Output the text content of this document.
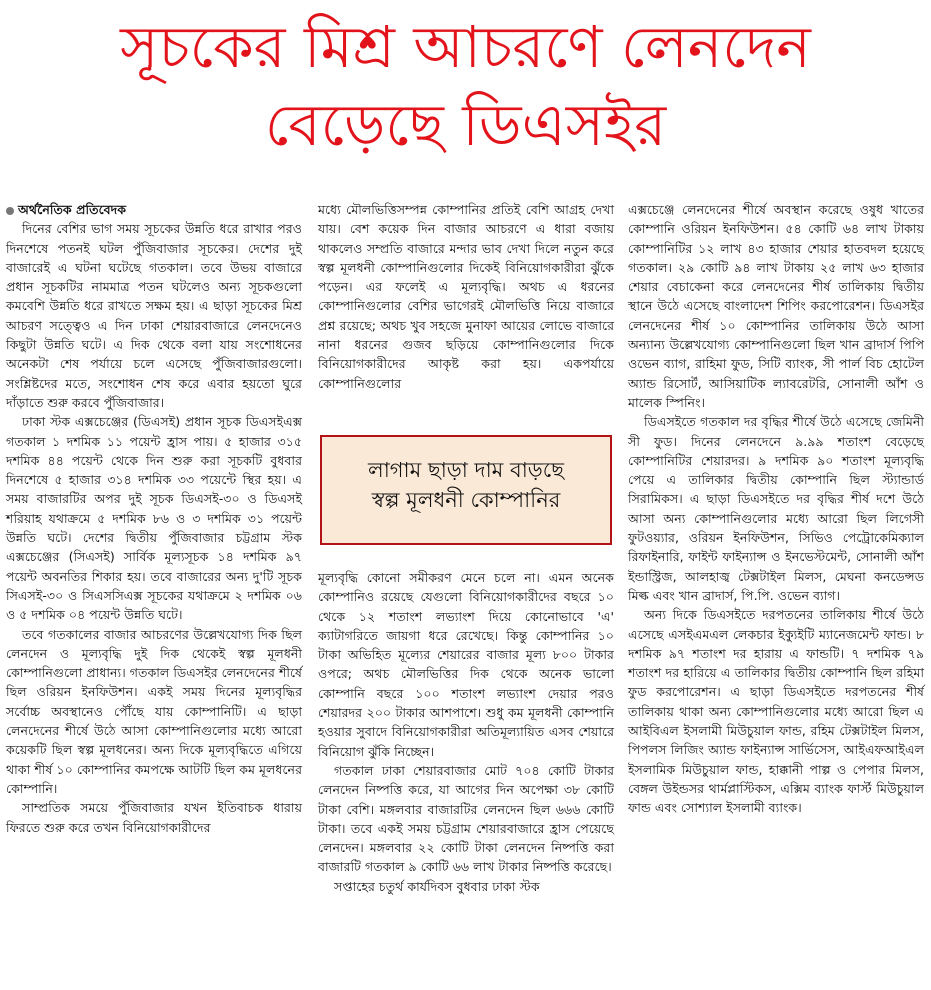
সূচকের মিশ্র আচরণে লেনদেন
বেড়েছে ডিএসইর

অর্থনৈতিক প্রতিবেদক

দিনের বেশির ভাগ সময় সূচকের উন্নতি ধরে রাখার পরও দিনশেষে পতনই ঘটল পুঁজিবাজার সূচকের। দেশের দুই বাজারেই এ ঘটনা ঘটেছে গতকাল। তবে উভয় বাজারে প্রধান সূচকটির নামমাত্র পতন ঘটলেও অন্য সূচকগুলো কমবেশি উন্নতি ধরে রাখতে সক্ষম হয়। এ ছাড়া সূচকের মিশ্র আচরণ সত্ত্বেও এ দিন ঢাকা শেয়ারবাজারে লেনদেনেও কিছুটা উন্নতি ঘটে। এ দিক থেকে বলা যায় সংশোধনের অনেকটা শেষ পর্যায়ে চলে এসেছে পুঁজিবাজারগুলো। সংশ্লিষ্টদের মতে, সংশোধন শেষ করে এবার হয়তো ঘুরে দাঁড়াতে শুরু করবে পুঁজিবাজার।

ঢাকা স্টক এক্সচেঞ্জের (ডিএসই) প্রধান সূচক ডিএসইএক্স গতকাল ১ দশমিক ১১ পয়েন্ট হ্রাস পায়। ৫ হাজার ৩১৫ দশমিক ৪৪ পয়েন্ট থেকে দিন শুরু করা সূচকটি বুধবার দিনশেষে ৫ হাজার ৩১৪ দশমিক ৩৩ পয়েন্টে স্থির হয়। এ সময় বাজারটির অপর দুই সূচক ডিএসই-৩০ ও ডিএসই শরিয়াহ যথাক্রমে ৫ দশমিক ৮৬ ও ৩ দশমিক ৩১ পয়েন্ট উন্নতি ঘটে। দেশের দ্বিতীয় পুঁজিবাজার চট্টগ্রাম স্টক এক্সচেঞ্জের (সিএসই) সার্বিক মূল্যসূচক ১৪ দশমিক ৯৭ পয়েন্ট অবনতির শিকার হয়। তবে বাজারের অন্য দু'টি সূচক সিএসই-৩০ ও সিএসসিএক্স সূচকের যথাক্রমে ২ দশমিক ০৬ ও ৫ দশমিক ০৪ পয়েন্ট উন্নতি ঘটে।

তবে গতকালের বাজার আচরণের উল্লেখযোগ্য দিক ছিল লেনদেন ও মূল্যবৃদ্ধি দুই দিক থেকেই স্বল্প মূলধনী কোম্পানিগুলো প্রাধান্য। গতকাল ডিএসইর লেনদেনের শীর্ষে ছিল ওরিয়ন ইনফিউশন। একই সময় দিনের মূল্যবৃদ্ধির সর্বোচ্চ অবস্থানেও পৌঁছে যায় কোম্পানিটি। এ ছাড়া লেনদেনের শীর্ষে উঠে আসা কোম্পানিগুলোর মধ্যে আরো কয়েকটি ছিল স্বল্প মূলধনের। অন্য দিকে মূল্যবৃদ্ধিতে এগিয়ে থাকা শীর্ষ ১০ কোম্পানির কমপক্ষে আটটি ছিল কম মূলধনের কোম্পানি।

সাম্প্রতিক সময়ে পুঁজিবাজার যখন ইতিবাচক ধারায় ফিরতে শুরু করে তখন বিনিয়োগকারীদের

মধ্যে মৌলভিত্তিসম্পন্ন কোম্পানির প্রতিই বেশি আগ্রহ দেখা যায়। বেশ কয়েক দিন বাজার আচরণে এ ধারা বজায় থাকলেও সম্প্রতি বাজারে মন্দার ভাব দেখা দিলে নতুন করে স্বল্প মূলধনী কোম্পানিগুলোর দিকেই বিনিয়োগকারীরা ঝুঁকে পড়েন। এর ফলেই এ মূল্যবৃদ্ধি। অথচ এ ধরনের কোম্পানিগুলোর বেশির ভাগেরই মৌলভিত্তি নিয়ে বাজারে প্রশ্ন রয়েছে; অথচ খুব সহজে মুনাফা আয়ের লোভে বাজারে নানা ধরনের গুজব ছড়িয়ে কোম্পানিগুলোর দিকে বিনিয়োগকারীদের আকৃষ্ট করা হয়। একপর্যায়ে কোম্পানিগুলোর

লাগাম ছাড়া দাম বাড়ছে
স্বল্প মূলধনী কোম্পানির

মূল্যবৃদ্ধি কোনো সমীকরণ মেনে চলে না। এমন অনেক কোম্পানিও রয়েছে যেগুলো বিনিয়োগকারীদের বছরে ১০ থেকে ১২ শতাংশ লভ্যাংশ দিয়ে কোনোভাবে 'এ' ক্যাটাগরিতে জায়গা ধরে রেখেছে। কিন্তু কোম্পানির ১০ টাকা অভিহিত মূল্যের শেয়ারের বাজার মূল্য ৮০০ টাকার ওপরে; অথচ মৌলভিত্তির দিক থেকে অনেক ভালো কোম্পানি বছরে ১০০ শতাংশ লভ্যাংশ দেয়ার পরও শেয়ারদর ২০০ টাকার আশপাশে। শুধু কম মূলধনী কোম্পানি হওয়ার সুবাদে বিনিয়োগকারীরা অতিমূল্যায়িত এসব শেয়ারে বিনিয়োগ ঝুঁকি নিচ্ছেন।

গতকাল ঢাকা শেয়ারবাজার মোট ৭০৪ কোটি টাকার লেনদেন নিষ্পত্তি করে, যা আগের দিন অপেক্ষা ৩৮ কোটি টাকা বেশি। মঙ্গলবার বাজারটির লেনদেন ছিল ৬৬৬ কোটি টাকা। তবে একই সময় চট্টগ্রাম শেয়ারবাজারে হ্রাস পেয়েছে লেনদেন। মঙ্গলবার ২২ কোটি টাকা লেনদেন নিষ্পত্তি করা বাজারটি গতকাল ৯ কোটি ৬৬ লাখ টাকার নিষ্পত্তি করেছে।

সপ্তাহের চতুর্থ কার্যদিবস বুধবার ঢাকা স্টক

এক্সচেঞ্জে লেনদেনের শীর্ষে অবস্থান করেছে ওষুধ খাতের কোম্পানি ওরিয়ন ইনফিউশন। ৫৪ কোটি ৬৪ লাখ টাকায় কোম্পানিটির ১২ লাখ ৪৩ হাজার শেয়ার হাতবদল হয়েছে গতকাল। ২৯ কোটি ৯৪ লাখ টাকায় ২৫ লাখ ৬৩ হাজার শেয়ার বেচাকেনা করে লেনদেনের শীর্ষ তালিকায় দ্বিতীয় স্থানে উঠে এসেছে বাংলাদেশ শিপিং করপোরেশন। ডিএসইর লেনদেনের শীর্ষ ১০ কোম্পানির তালিকায় উঠে আসা অন্যান্য উল্লেখযোগ্য কোম্পানিগুলো ছিল খান ব্রাদার্স পিপি ওভেন ব্যাগ, রাহিমা ফুড, সিটি ব্যাংক, সী পার্ল বিচ হোটেল অ্যান্ড রিসোর্ট, আসিয়াটিক ল্যাবরেটরি, সোনালী আঁশ ও মালেক স্পিনিং।

ডিএসইতে গতকাল দর বৃদ্ধির শীর্ষে উঠে এসেছে জেমিনী সী ফুড। দিনের লেনদেনে ৯.৯৯ শতাংশ বেড়েছে কোম্পানিটির শেয়ারদর। ৯ দশমিক ৯০ শতাংশ মূল্যবৃদ্ধি পেয়ে এ তালিকার দ্বিতীয় কোম্পানি ছিল স্ট্যান্ডার্ড সিরামিকস। এ ছাড়া ডিএসইতে দর বৃদ্ধির শীর্ষ দশে উঠে আসা অন্য কোম্পানিগুলোর মধ্যে আরো ছিল লিগেসী ফুটওয়্যার, ওরিয়ন ইনফিউশন, সিভিও পেট্রোকেমিক্যাল রিফাইনারি, ফাইন্ট ফাইন্যান্স ও ইনভেস্টমেন্ট, সোনালী আঁশ ইন্ডাস্ট্রিজ, আলহাজ্ব টেক্সটাইল মিলস, মেঘনা কনডেন্সড মিল্ক এবং খান ব্রাদার্স, পি.পি. ওভেন ব্যাগ।

অন্য দিকে ডিএসইতে দরপতনের তালিকায় শীর্ষে উঠে এসেছে এসইএমএল লেকচার ইক্যুইটি ম্যানেজমেন্ট ফান্ড। ৮ দশমিক ৯৭ শতাংশ দর হারায় এ ফান্ডটি। ৭ দশমিক ৭৯ শতাংশ দর হারিয়ে এ তালিকার দ্বিতীয় কোম্পানি ছিল রহিমা ফুড করপোরেশন। এ ছাড়া ডিএসইতে দরপতনের শীর্ষ তালিকায় থাকা অন্য কোম্পানিগুলোর মধ্যে আরো ছিল এ আইবিএল ইসলামী মিউচুয়াল ফান্ড, রহিম টেক্সটাইল মিলস, পিপলস লিজিং অ্যান্ড ফাইন্যান্স সার্ভিসেস, আইএফআইএল ইসলামিক মিউচুয়াল ফান্ড, হাক্কানী পাল্প ও পেপার মিলস, বেঙ্গল উইন্ডসর থার্মপ্লাস্টিকস, এক্সিম ব্যাংক ফার্স্ট মিউচুয়াল ফান্ড এবং সোশ্যাল ইসলামী ব্যাংক।
